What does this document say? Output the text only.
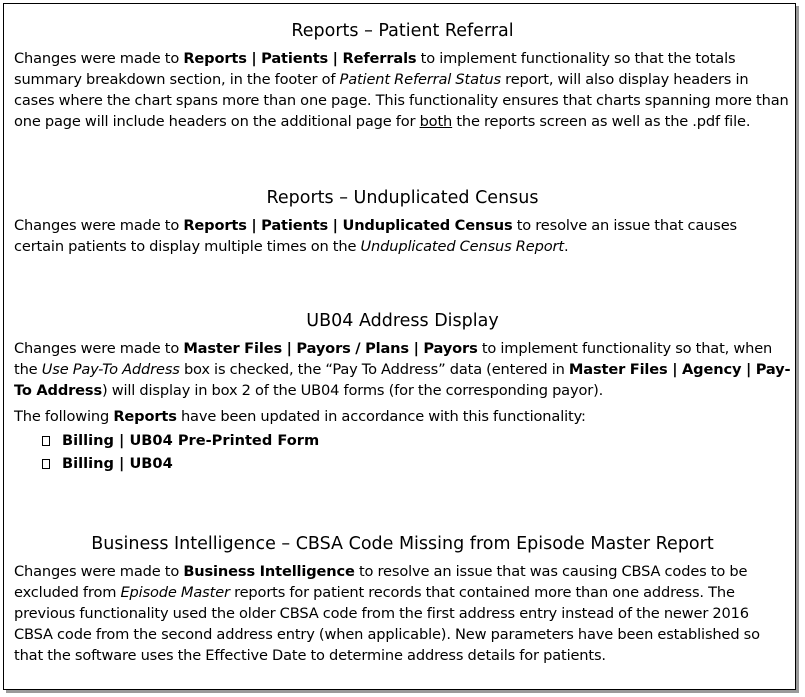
Reports – Patient Referral

Changes were made to Reports | Patients | Referrals to implement functionality so that the totals summary breakdown section, in the footer of Patient Referral Status report, will also display headers in cases where the chart spans more than one page. This functionality ensures that charts spanning more than one page will include headers on the additional page for both the reports screen as well as the .pdf file.

Reports – Unduplicated Census

Changes were made to Reports | Patients | Unduplicated Census to resolve an issue that causes certain patients to display multiple times on the Unduplicated Census Report.

UB04 Address Display

Changes were made to Master Files | Payors / Plans | Payors to implement functionality so that, when the Use Pay-To Address box is checked, the “Pay To Address” data (entered in Master Files | Agency | Pay-To Address) will display in box 2 of the UB04 forms (for the corresponding payor).

The following Reports have been updated in accordance with this functionality:

Billing | UB04 Pre-Printed Form
Billing | UB04
Business Intelligence – CBSA Code Missing from Episode Master Report

Changes were made to Business Intelligence to resolve an issue that was causing CBSA codes to be excluded from Episode Master reports for patient records that contained more than one address. The previous functionality used the older CBSA code from the first address entry instead of the newer 2016 CBSA code from the second address entry (when applicable). New parameters have been established so that the software uses the Effective Date to determine address details for patients.
